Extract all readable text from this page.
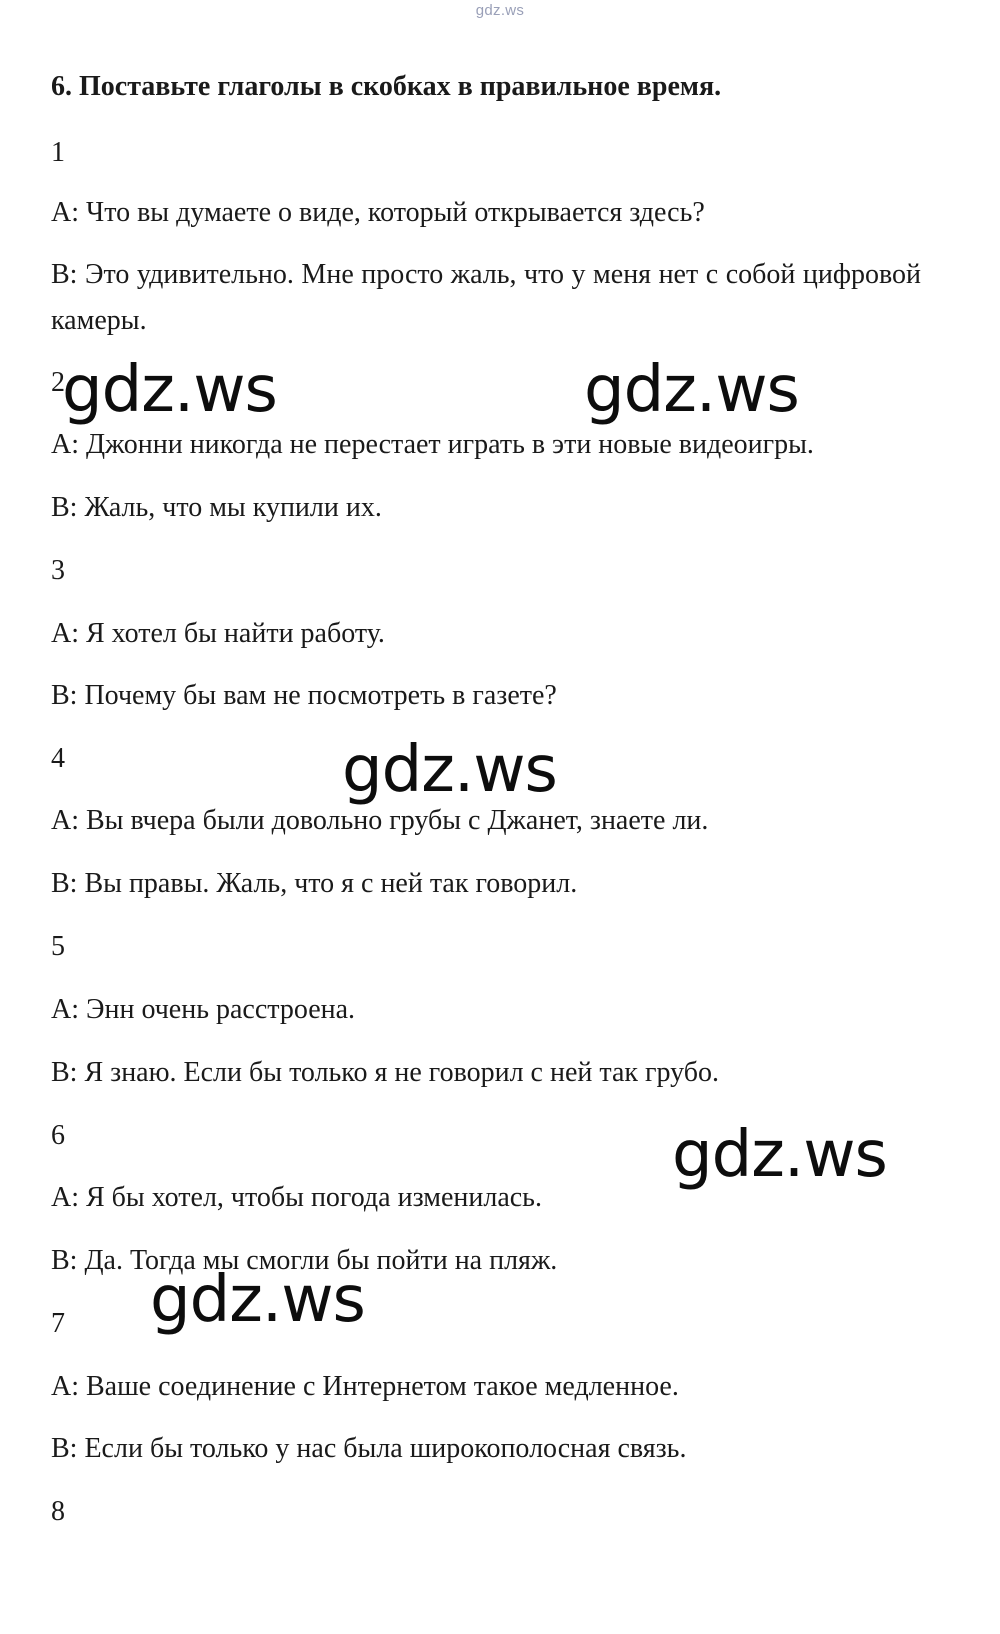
gdz.ws
6. Поставьте глаголы в скобках в правильное время.
1
А: Что вы думаете о виде, который открывается здесь?
В: Это удивительно. Мне просто жаль, что у меня нет с собой цифровой камеры.
2
А: Джонни никогда не перестает играть в эти новые видеоигры.
В: Жаль, что мы купили их.
3
А: Я хотел бы найти работу.
В: Почему бы вам не посмотреть в газете?
4
А: Вы вчера были довольно грубы с Джанет, знаете ли.
В: Вы правы. Жаль, что я с ней так говорил.
5
А: Энн очень расстроена.
В: Я знаю. Если бы только я не говорил с ней так грубо.
6
А: Я бы хотел, чтобы погода изменилась.
В: Да. Тогда мы смогли бы пойти на пляж.
7
А: Ваше соединение с Интернетом такое медленное.
В: Если бы только у нас была широкополосная связь.
8
gdz.ws	gdz.ws
gdz.ws
gdz.ws
gdz.ws
